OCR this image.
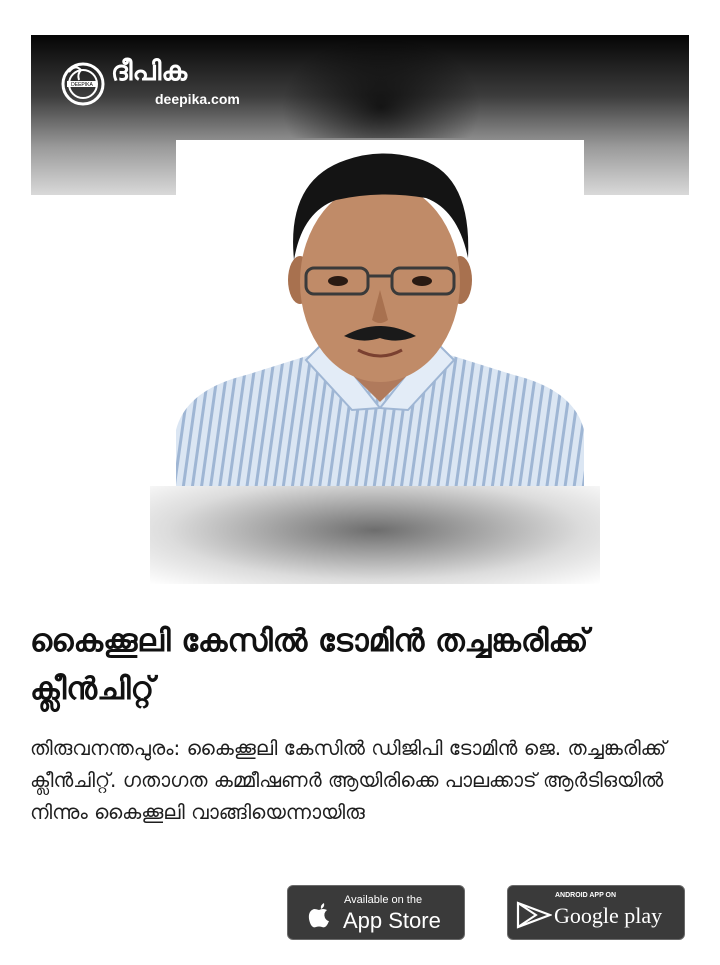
DEEPIKA ദീപിക
deepika.com
കൈക്കൂലി കേസിൽ ടോമിൻ തച്ചങ്കരിക്ക് ക്ലീൻചിറ്റ്

തിരുവനന്തപുരം: കൈക്കൂലി കേസിൽ ഡിജിപി ടോമിൻ ജെ. തച്ചങ്കരിക്ക് ക്ലീൻചിറ്റ്. ഗതാഗത കമ്മീഷണർ ആയിരിക്കെ പാലക്കാട് ആർടിഒയിൽ നിന്നും കൈക്കൂലി വാങ്ങിയെന്നായിരു

Available on the
App Store
ANDROID APP ON
Google play
